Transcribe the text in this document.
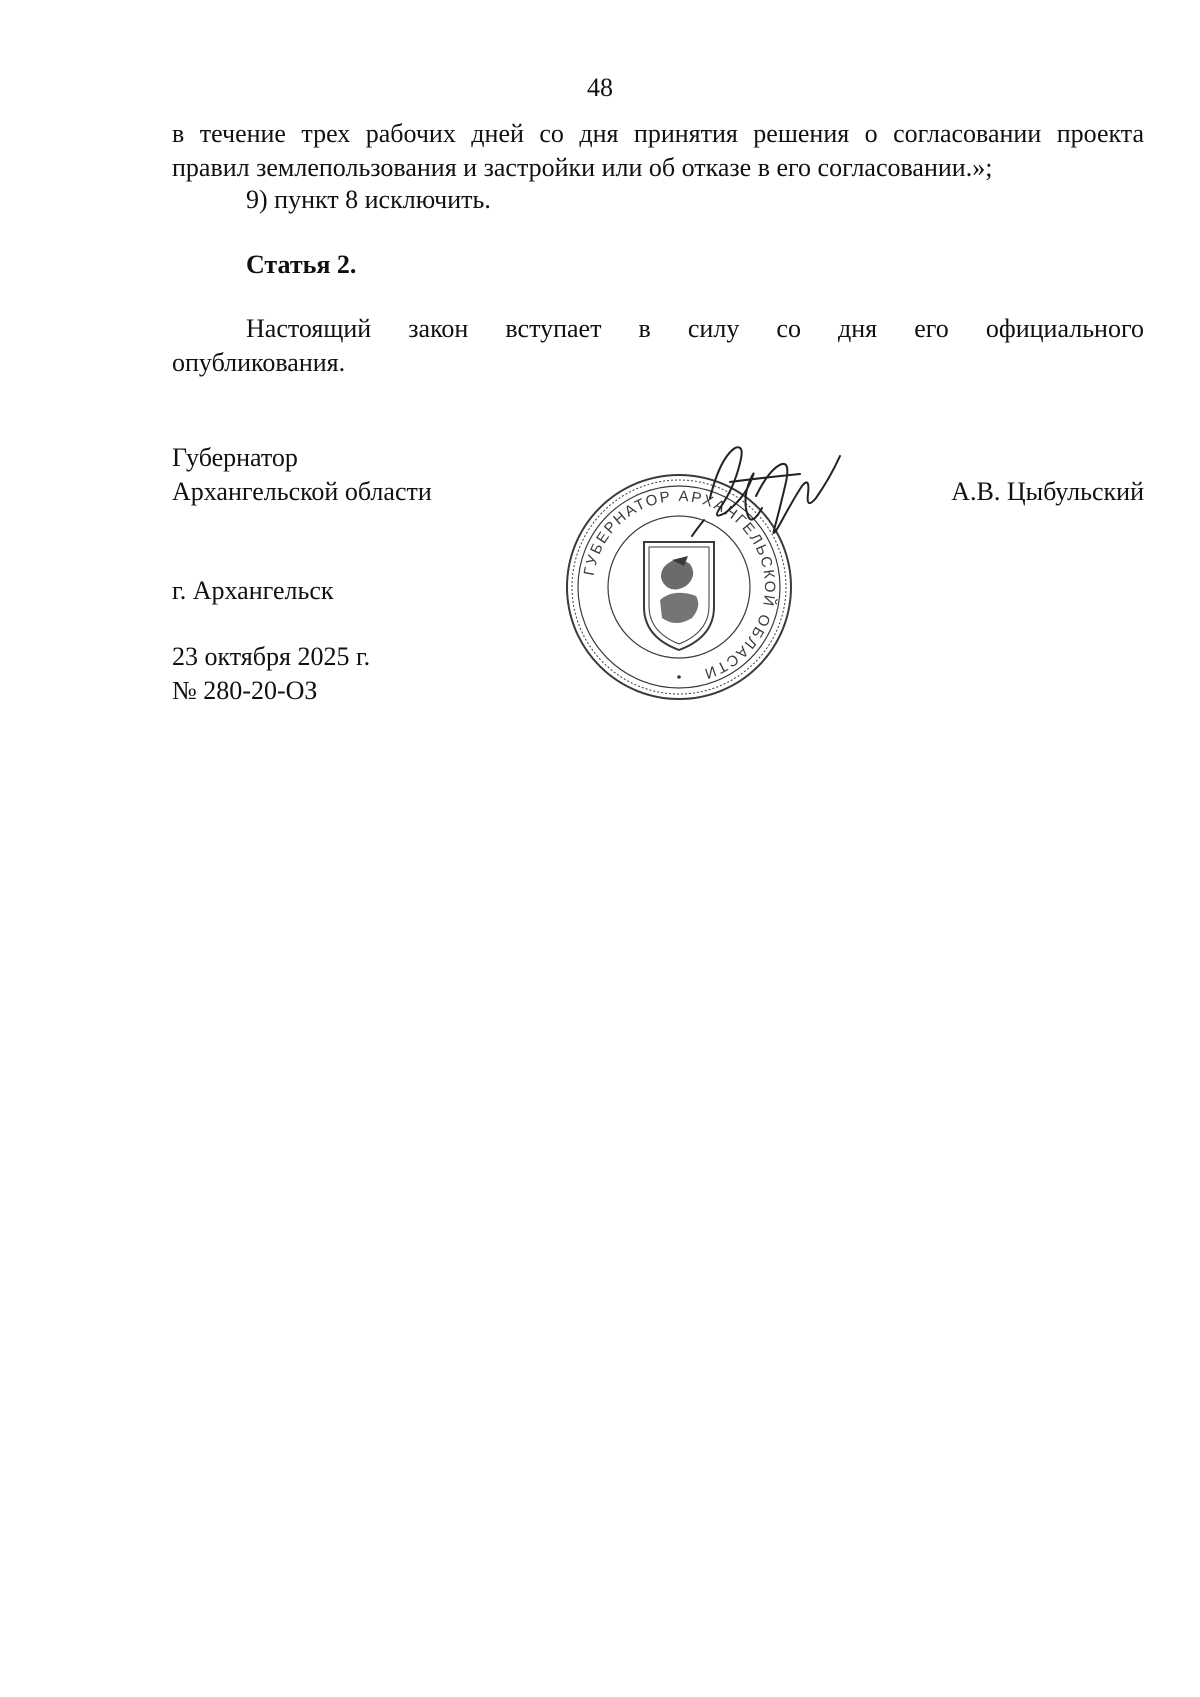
48

в течение трех рабочих дней со дня принятия решения о согласовании проекта

правил землепользования и застройки или об отказе в его согласовании.»;

9) пункт 8 исключить.

Статья 2.

Настоящий закон вступает в силу со дня его официального

опубликования.

Губернатор
Архангельской области	А.В. Цыбульский
ГУБЕРНАТОР АРХАНГЕЛЬСКОЙ ОБЛАСТИ

г. Архангельск

23 октября 2025 г.
№ 280-20-ОЗ
